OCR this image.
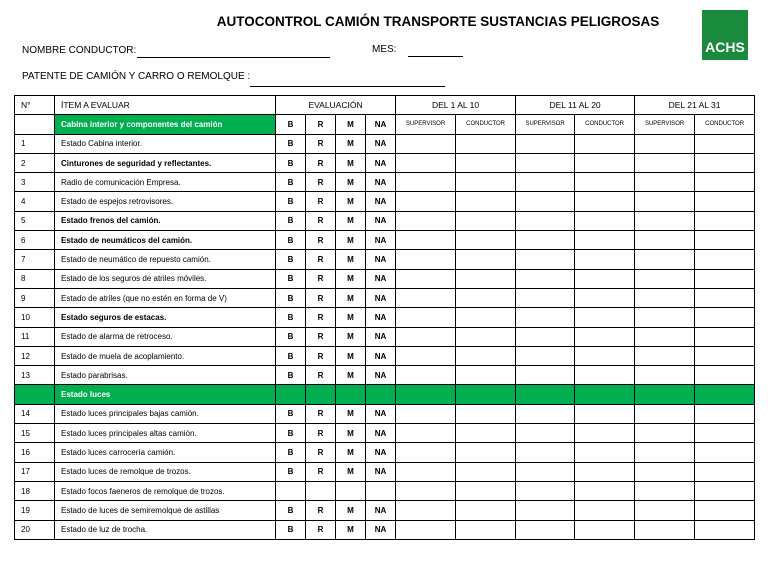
AUTOCONTROL CAMIÓN TRANSPORTE SUSTANCIAS PELIGROSAS
ACHS
NOMBRE CONDUCTOR:	MES:
PATENTE DE CAMIÓN Y CARRO O REMOLQUE :
N°	ÍTEM A EVALUAR	EVALUACIÓN				DEL 1 AL 10		DEL 11 AL 20		DEL 21 AL 31	
	Cabina interior y componentes del camión	B	R	M	NA	SUPERVISOR	CONDUCTOR	SUPERVISOR	CONDUCTOR	SUPERVISOR	CONDUCTOR
1	Estado Cabina interior.	B	R	M	NA						
2	Cinturones de seguridad y reflectantes.	B	R	M	NA						
3	Radio de comunicación Empresa.	B	R	M	NA						
4	Estado de espejos retrovisores.	B	R	M	NA						
5	Estado frenos del camión.	B	R	M	NA						
6	Estado de neumáticos del camión.	B	R	M	NA						
7	Estado de neumático de repuesto camión.	B	R	M	NA						
8	Estado de los seguros de atriles móviles.	B	R	M	NA						
9	Estado de atriles (que no estén en forma de V)	B	R	M	NA						
10	Estado seguros de estacas.	B	R	M	NA						
11	Estado de alarma de retroceso.	B	R	M	NA						
12	Estado de muela de acoplamiento.	B	R	M	NA						
13	Estado parabrisas.	B	R	M	NA						
	Estado luces										
14	Estado luces principales bajas camión.	B	R	M	NA						
15	Estado luces principales altas camión.	B	R	M	NA						
16	Estado luces carrocería camión.	B	R	M	NA						
17	Estado luces de remolque de trozos.	B	R	M	NA						
18	Estado focos faeneros de remolque de trozos.										
19	Estado de luces de semiremolque de astillas	B	R	M	NA						
20	Estado de luz de trocha.	B	R	M	NA						
